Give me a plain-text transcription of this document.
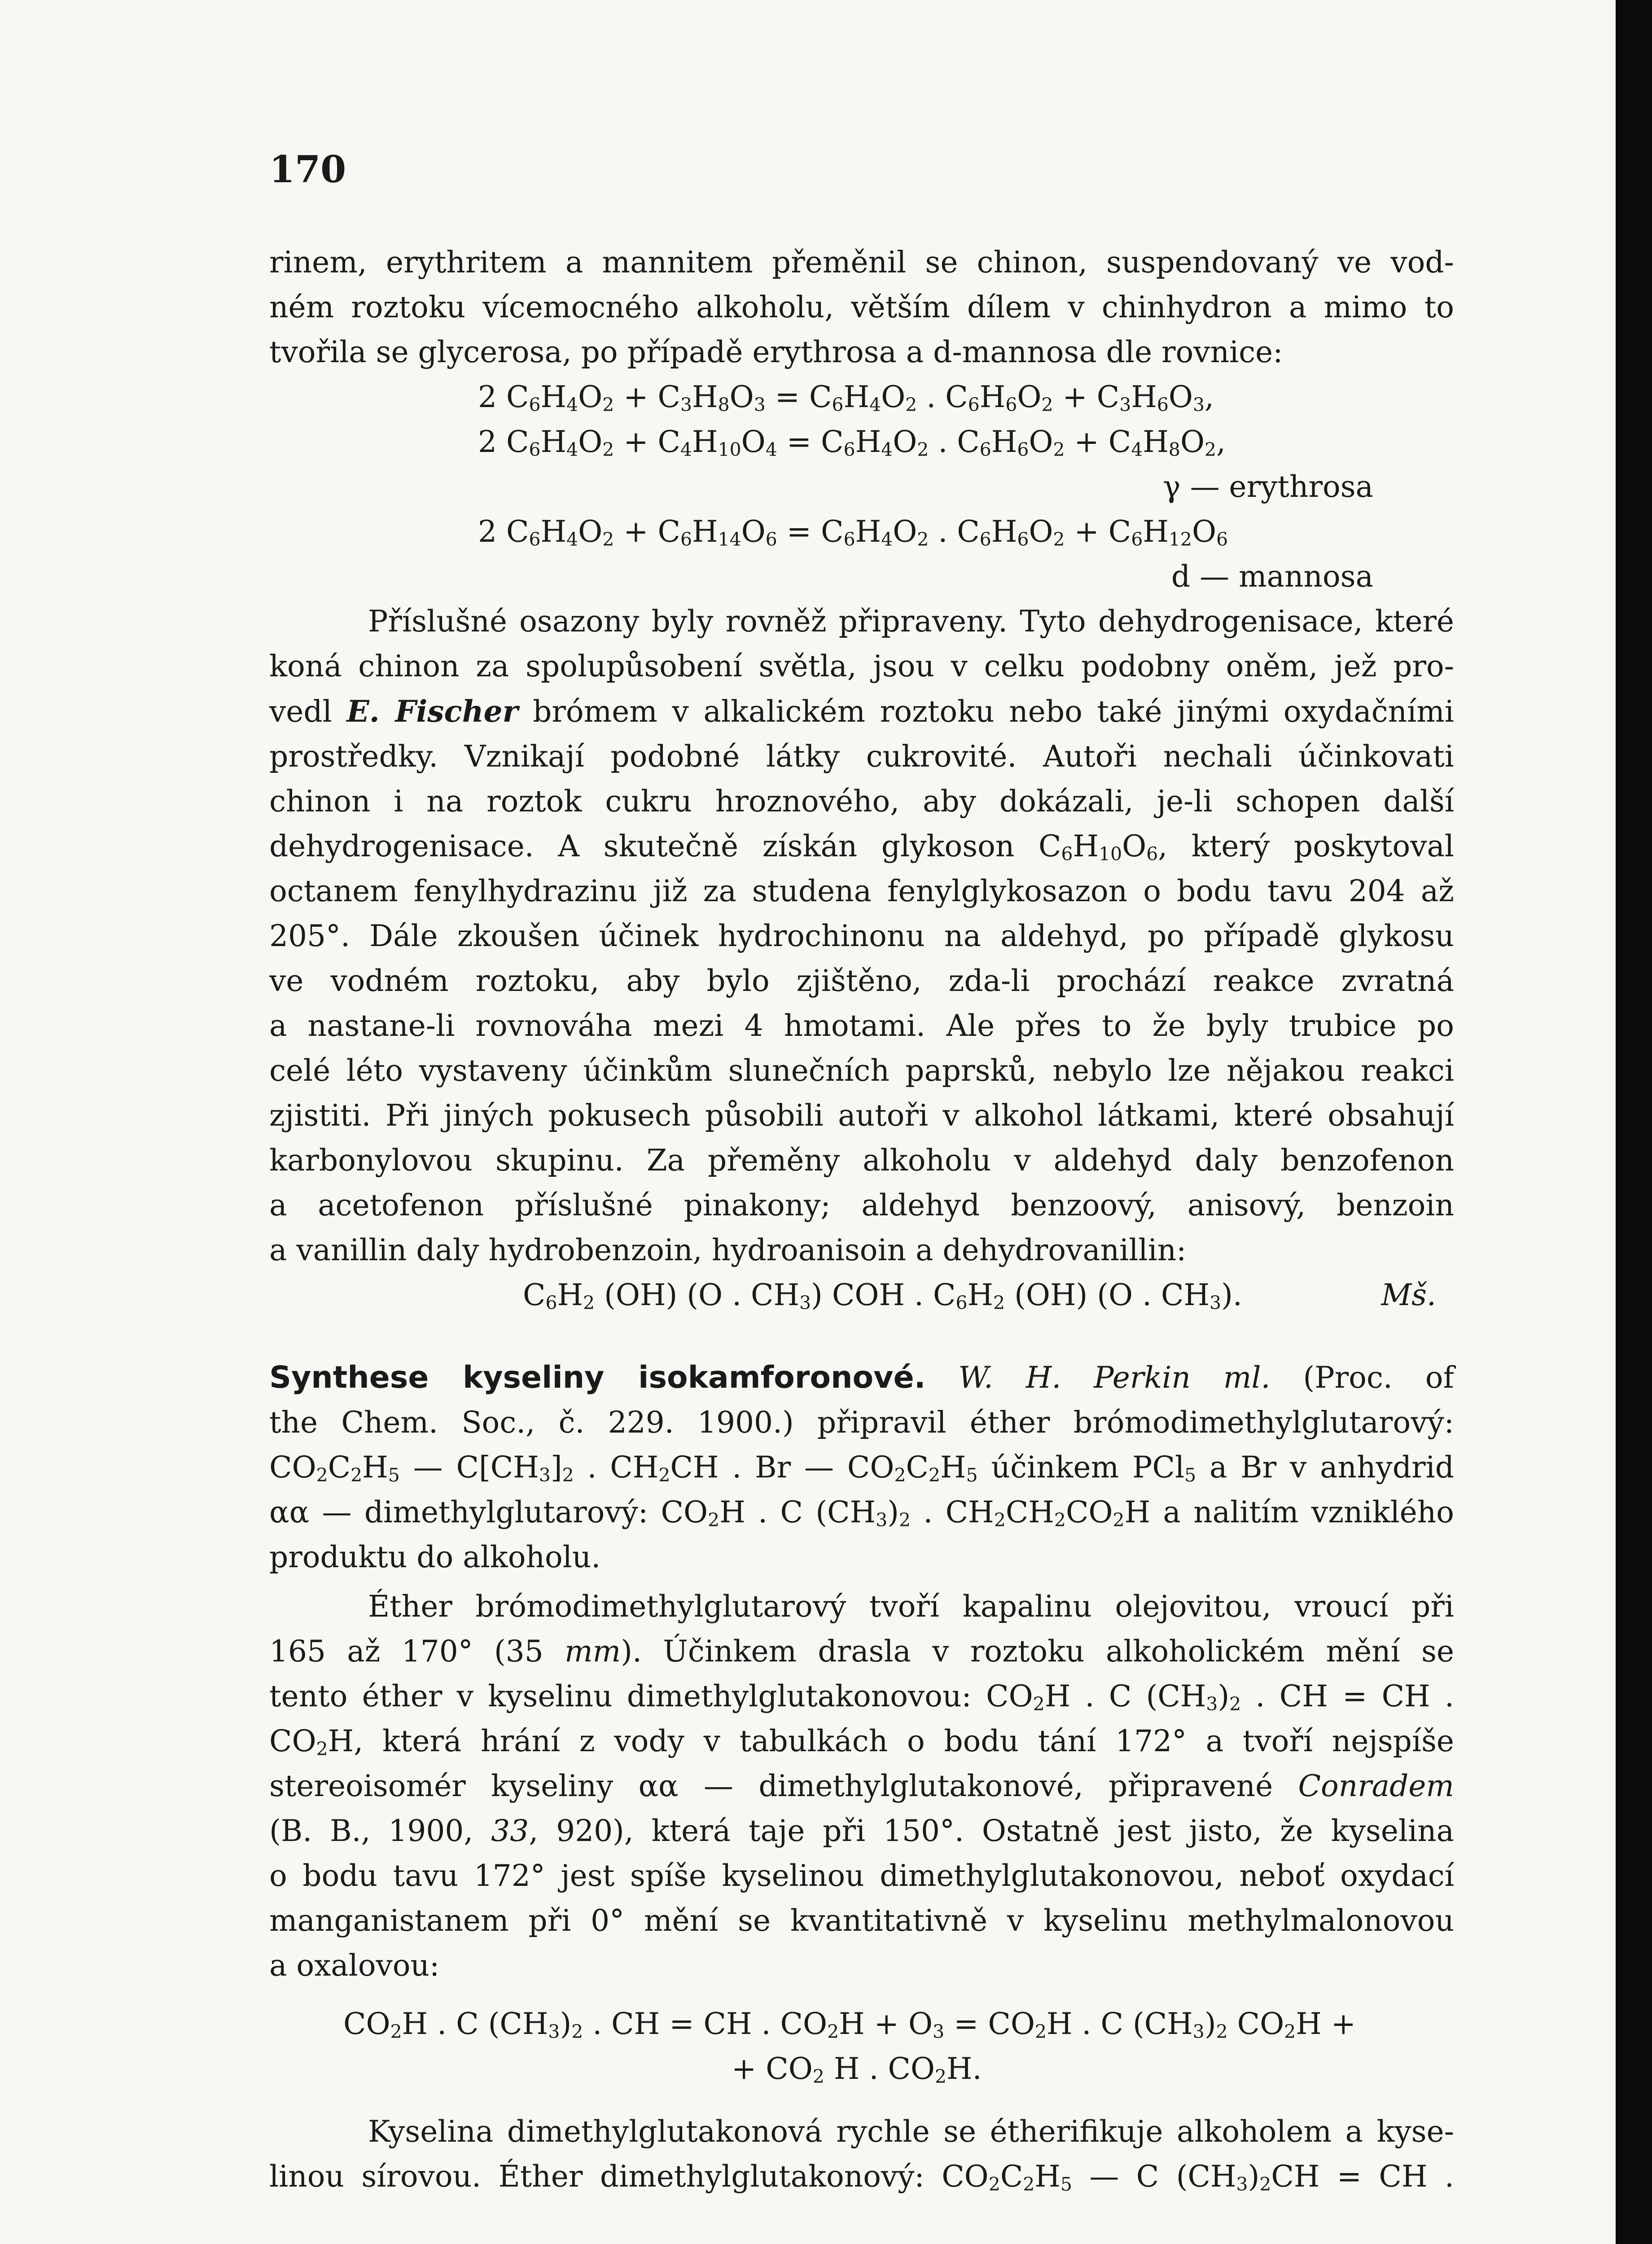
170

rinem, erythritem a mannitem přeměnil se chinon, suspendovaný ve vod-

ném roztoku vícemocného alkoholu, větším dílem v chinhydron a mimo to

tvořila se glycerosa, po případě erythrosa a d-mannosa dle rovnice:

2 $C_6H_4O_2 + C_3H_8O_3 = C_6H_4O_2$ . $C_6H_6O_2 + C_3H_6O_3$,
2 $C_6H_4O_2 + C_4H_{10}O_4 = C_6H_4O_2$ . $C_6H_6O_2 + C_4H_8O_2$,
γ — erythrosa
2 $C_6H_4O_2 + C_6H_{14}O_6 = C_6H_4O_2$ . $C_6H_6O_2 + C_6H_{12}O_6$
d — mannosa

Příslušné osazony byly rovněž připraveny. Tyto dehydrogenisace, které

koná chinon za spolupůsobení světla, jsou v celku podobny oněm, jež pro-

vedl E. Fischer brómem v alkalickém roztoku nebo také jinými oxydačními

prostředky. Vznikají podobné látky cukrovité. Autoři nechali účinkovati

chinon i na roztok cukru hroznového, aby dokázali, je-li schopen další

dehydrogenisace. A skutečně získán glykoson $C_6H_{10}O_6$, který poskytoval

octanem fenylhydrazinu již za studena fenylglykosazon o bodu tavu 204 až

205°. Dále zkoušen účinek hydrochinonu na aldehyd, po případě glykosu

ve vodném roztoku, aby bylo zjištěno, zda-li prochází reakce zvratná

a nastane-li rovnováha mezi 4 hmotami. Ale přes to že byly trubice po

celé léto vystaveny účinkům slunečních paprsků, nebylo lze nějakou reakci

zjistiti. Při jiných pokusech působili autoři v alkohol látkami, které obsahují

karbonylovou skupinu. Za přeměny alkoholu v aldehyd daly benzofenon

a acetofenon příslušné pinakony; aldehyd benzoový, anisový, benzoin

a vanillin daly hydrobenzoin, hydroanisoin a dehydrovanillin:

$C_6H_2$ (OH) (O . $CH_3$) COH . $C_6H_2$ (OH) (O . $CH_3$).	Mš.

Synthese kyseliny isokamforonové. W. H. Perkin ml. (Proc. of

the Chem. Soc., č. 229. 1900.) připravil éther brómodimethylglutarový:

$CO_2C_2H_5$ — $C[CH_3]_2$ . $CH_2CH$ . Br — $CO_2C_2H_5$ účinkem PCl$_5$ a Br v anhydrid

αα — dimethylglutarový: $CO_2H$ . C $(CH_3)_2$ . $CH_2CH_2CO_2H$ a nalitím vzniklého

produktu do alkoholu.

Éther brómodimethylglutarový tvoří kapalinu olejovitou, vroucí při

165 až 170° (35 mm). Účinkem drasla v roztoku alkoholickém mění se

tento éther v kyselinu dimethylglutakonovou: $CO_2H$ . C $(CH_3)_2$ . CH = CH .

$CO_2H$, která hrání z vody v tabulkách o bodu tání 172° a tvoří nejspíše

stereoisomér kyseliny αα — dimethylglutakonové, připravené Conradem

(B. B., 1900, 33, 920), která taje při 150°. Ostatně jest jisto, že kyselina

o bodu tavu 172° jest spíše kyselinou dimethylglutakonovou, neboť oxydací

manganistanem při 0° mění se kvantitativně v kyselinu methylmalonovou

a oxalovou:

$CO_2H$ . C $(CH_3)_2$ . CH = CH . $CO_2H + O_3 = CO_2H$ . C $(CH_3)_2$ $CO_2H$ +
+ $CO_2$ H . $CO_2H$.

Kyselina dimethylglutakonová rychle se étherifikuje alkoholem a kyse-

linou sírovou. Éther dimethylglutakonový: $CO_2C_2H_5$ — C $(CH_3)_2CH$ = CH .
